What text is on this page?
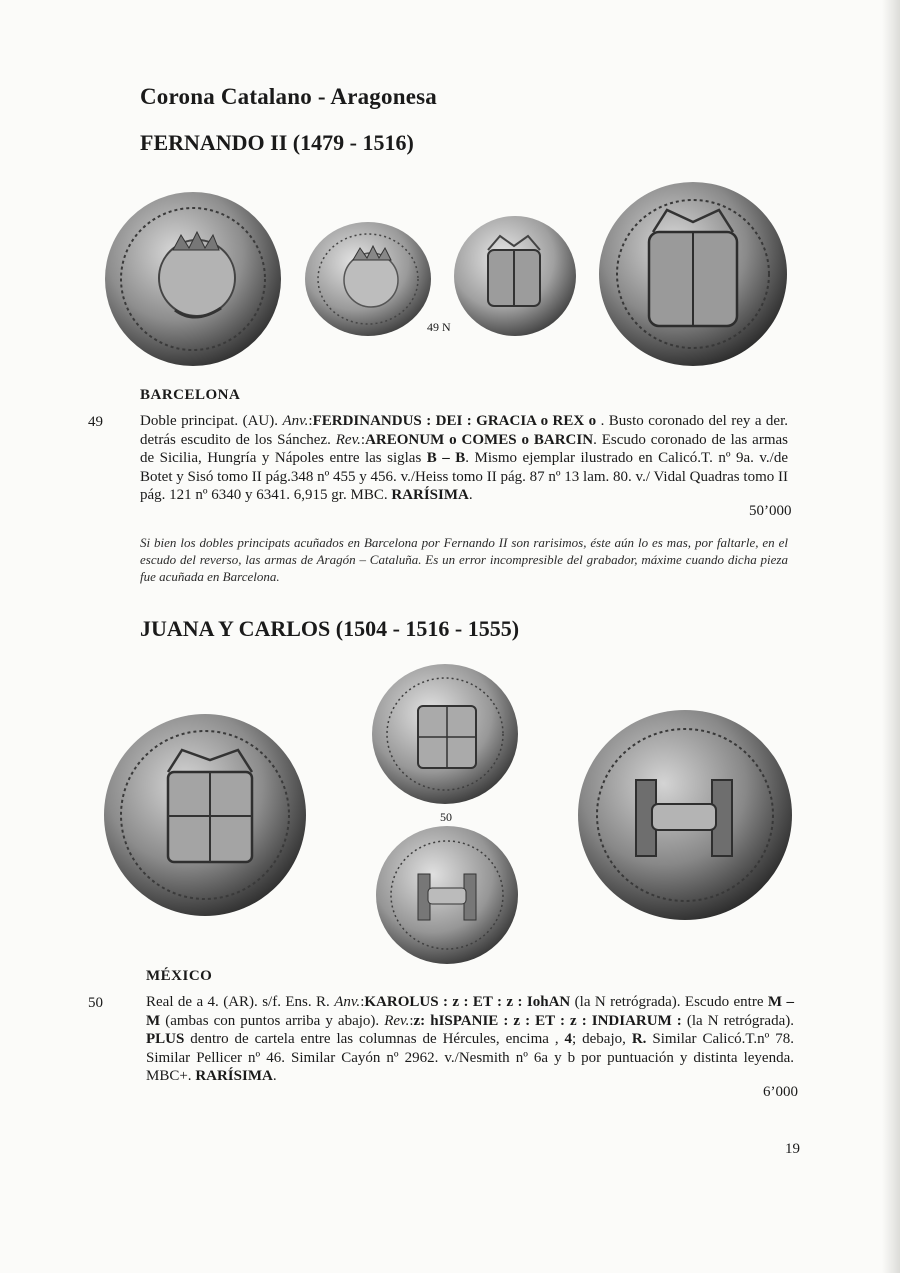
Corona Catalano - Aragonesa
FERNANDO II (1479 - 1516)
49 N
BARCELONA
49 Doble principat. (AU). Anv.:FERDINANDUS : DEI : GRACIA o REX o . Busto coronado del rey a der. detrás escudito de los Sánchez. Rev.:AREONUM o COMES o BARCIN. Escudo coronado de las armas de Sicilia, Hungría y Nápoles entre las siglas B – B. Mismo ejemplar ilustrado en Calicó.T. nº 9a. v./de Botet y Sisó tomo II pág.348 nº 455 y 456. v./Heiss tomo II pág. 87 nº 13 lam. 80. v./ Vidal Quadras tomo II pág. 121 nº 6340 y 6341. 6,915 gr. MBC. RARÍSIMA.
50’000
Si bien los dobles principats acuñados en Barcelona por Fernando II son rarisimos, éste aún lo es mas, por faltarle, en el escudo del reverso, las armas de Aragón – Cataluña. Es un error incompresible del grabador, máxime cuando dicha pieza fue acuñada en Barcelona.
JUANA Y CARLOS (1504 - 1516 - 1555)
50
MÉXICO
50	Real de a 4. (AR). s/f. Ens. R. Anv.:KAROLUS : z : ET : z : IohAN (la N retrógrada). Escudo entre M – M (ambas con puntos arriba y abajo). Rev.:z: hISPANIE : z : ET : z : INDIARUM : (la N retrógrada). PLUS dentro de cartela entre las columnas de Hércules, encima , 4; debajo, R. Similar Calicó.T.nº 78. Similar Pellicer nº 46. Similar Cayón nº 2962. v./Nesmith nº 6a y b por puntuación y distinta leyenda. MBC+. RARÍSIMA.
6’000
19
